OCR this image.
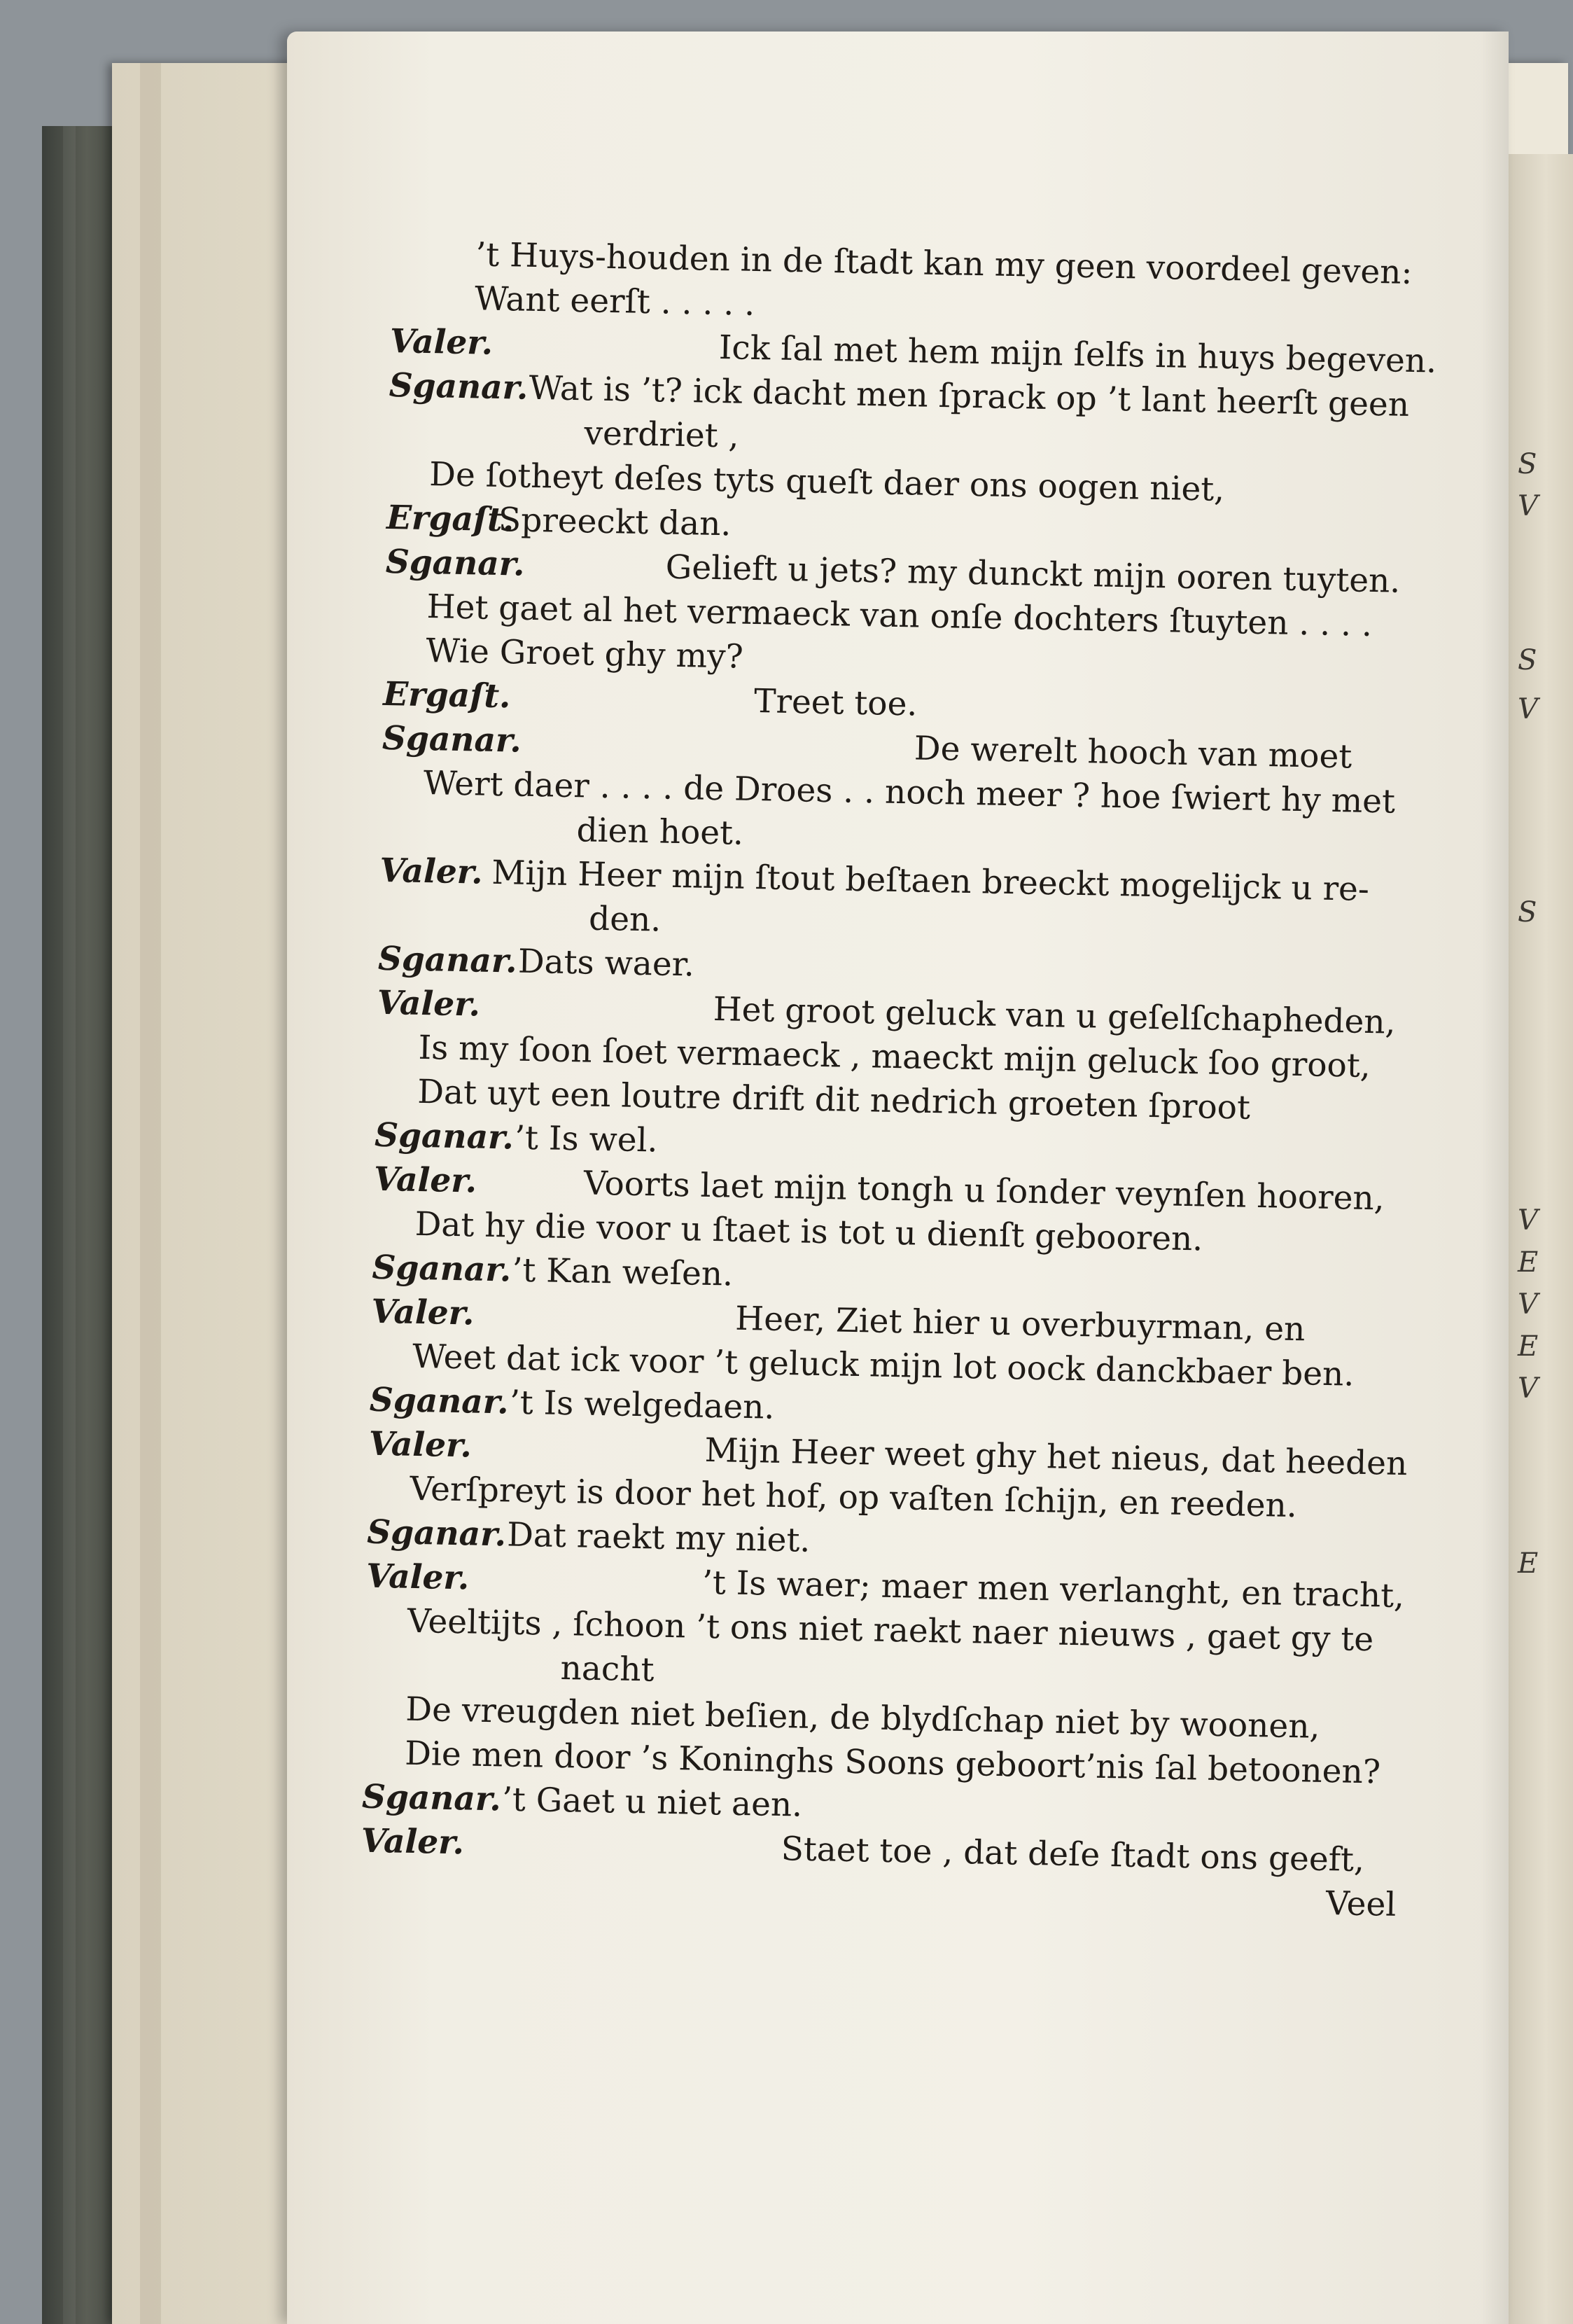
S
V
S
V
S
V
E
V
E
V
E
’t Huys-houden in de ſtadt kan my geen voordeel geven:
Want eerſt . . . . .
Valer.	Ick ſal met hem mijn ſelfs in huys begeven.
Sganar. Wat is ’t? ick dacht men ſprack op ’t lant heerſt geen
verdriet ,
De ſotheyt deſes tyts queſt daer ons oogen niet,
Ergaſt.
Spreeckt dan.
Sganar.	Gelieft u jets? my dunckt mijn ooren tuyten.
Het gaet al het vermaeck van onſe dochters ſtuyten . . . .
Wie Groet ghy my?
Ergaſt.	Treet toe.
Sganar.	De werelt hooch van moet
Wert daer . . . . de Droes . . noch meer ? hoe ſwiert hy met
dien hoet.
Valer. Mijn Heer mijn ſtout beſtaen breeckt mogelijck u re-
den.
Sganar. Dats waer.
Valer.	Het groot geluck van u geſelſchapheden,
Is my ſoon ſoet vermaeck , maeckt mijn geluck ſoo groot,
Dat uyt een loutre drift dit nedrich groeten ſproot
Sganar. ’t Is wel.
Valer.	Voorts laet mijn tongh u ſonder veynſen hooren,
Dat hy die voor u ſtaet is tot u dienſt gebooren.
Sganar. ’t Kan weſen.
Valer.	Heer, Ziet hier u overbuyrman, en
Weet dat ick voor ’t geluck mijn lot oock danckbaer ben.
Sganar. ’t Is welgedaen.
Valer.	Mijn Heer weet ghy het nieus, dat heeden
Verſpreyt is door het hof, op vaſten ſchijn, en reeden.
Sganar. Dat raekt my niet.
Valer.	’t Is waer; maer men verlanght, en tracht,
Veeltijts , ſchoon ’t ons niet raekt naer nieuws , gaet gy te
nacht
De vreugden niet beſien, de blydſchap niet by woonen,
Die men door ’s Koninghs Soons geboort’nis ſal betoonen?
Sganar. ’t Gaet u niet aen.
Valer.	Staet toe , dat deſe ſtadt ons geeft,
Veel
